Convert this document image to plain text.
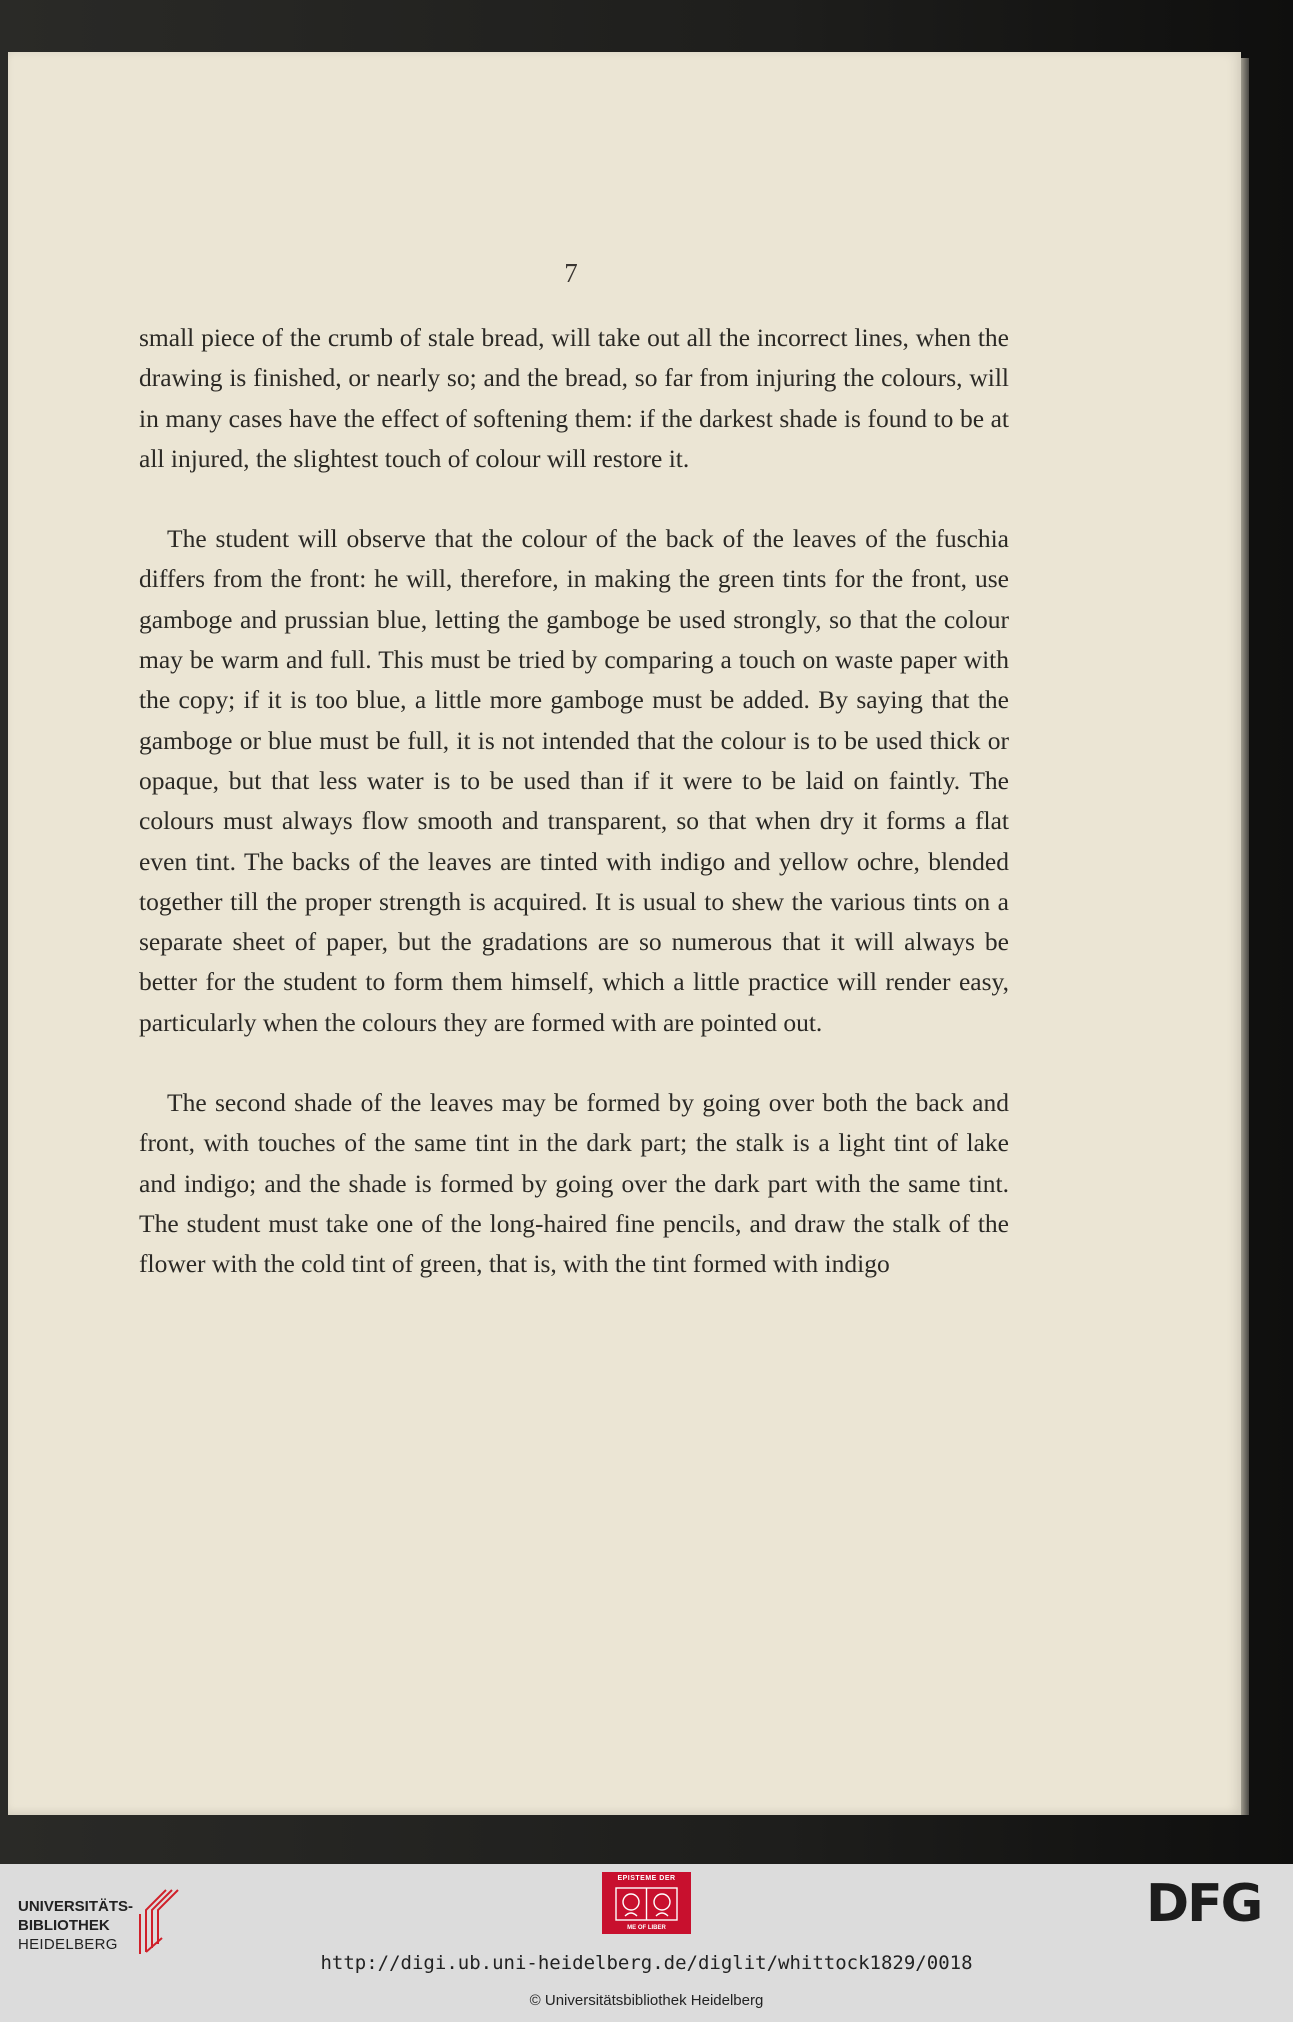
7

small piece of the crumb of stale bread, will take out all the incorrect lines, when the drawing is finished, or nearly so; and the bread, so far from injuring the colours, will in many cases have the effect of softening them: if the darkest shade is found to be at all injured, the slightest touch of colour will restore it.

The student will observe that the colour of the back of the leaves of the fuschia differs from the front: he will, therefore, in making the green tints for the front, use gamboge and prussian blue, letting the gamboge be used strongly, so that the colour may be warm and full. This must be tried by comparing a touch on waste paper with the copy; if it is too blue, a little more gamboge must be added. By saying that the gamboge or blue must be full, it is not intended that the colour is to be used thick or opaque, but that less water is to be used than if it were to be laid on faintly. The colours must always flow smooth and transparent, so that when dry it forms a flat even tint. The backs of the leaves are tinted with indigo and yellow ochre, blended together till the proper strength is acquired. It is usual to shew the various tints on a separate sheet of paper, but the gradations are so numerous that it will always be better for the student to form them himself, which a little practice will render easy, particularly when the colours they are formed with are pointed out.

The second shade of the leaves may be formed by going over both the back and front, with touches of the same tint in the dark part; the stalk is a light tint of lake and indigo; and the shade is formed by going over the dark part with the same tint. The student must take one of the long-haired fine pencils, and draw the stalk of the flower with the cold tint of green, that is, with the tint formed with indigo

UNIVERSITÄTS-
BIBLIOTHEK
HEIDELBERG
EPISTEME DER
ME OF LIBER	DFG
http://digi.ub.uni-heidelberg.de/diglit/whittock1829/0018
© Universitätsbibliothek Heidelberg
